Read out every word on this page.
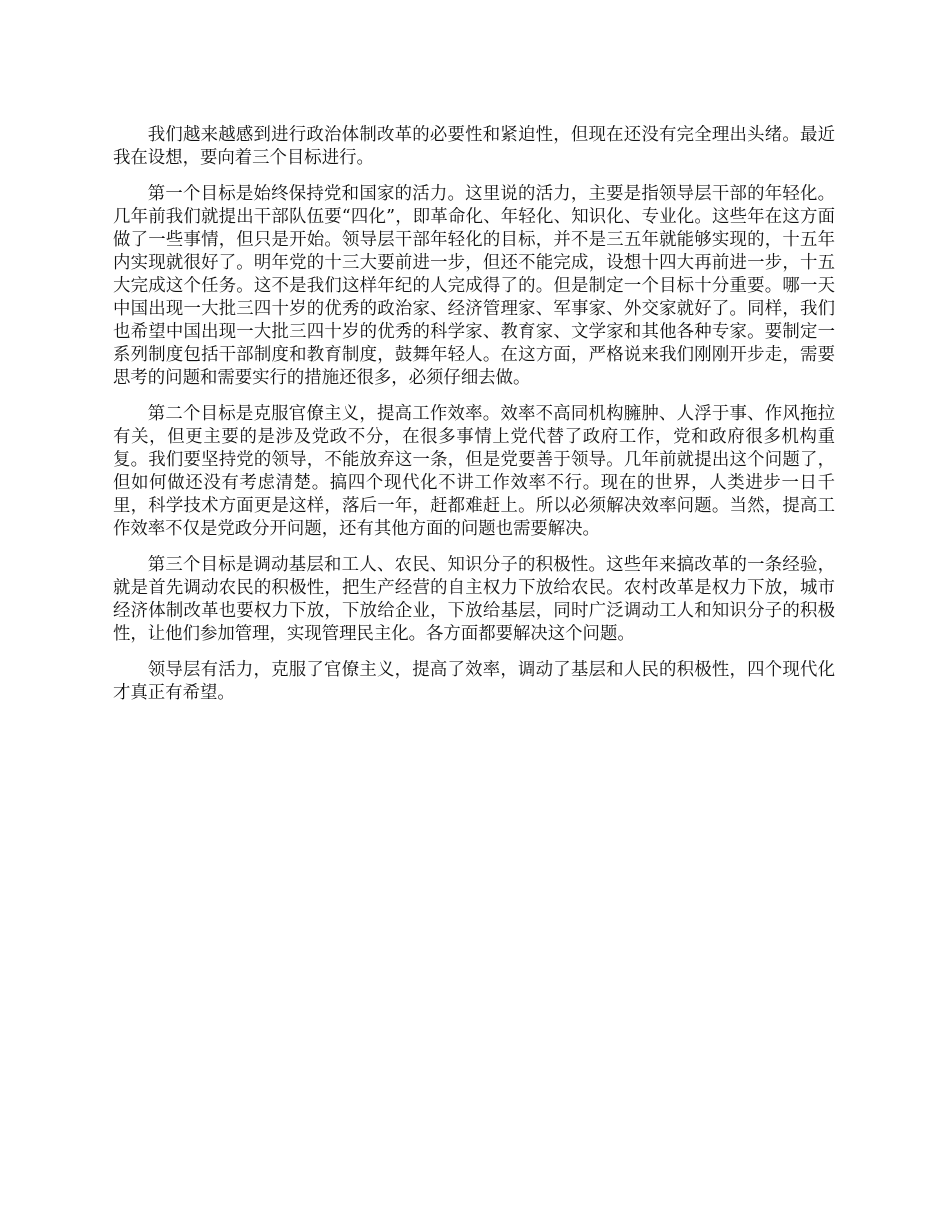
我们越来越感到进行政治体制改革的必要性和紧迫性，但现在还没有完全理出头绪。最近我在设想，要向着三个目标进行。

第一个目标是始终保持党和国家的活力。这里说的活力，主要是指领导层干部的年轻化。几年前我们就提出干部队伍要“四化”，即革命化、年轻化、知识化、专业化。这些年在这方面做了一些事情，但只是开始。领导层干部年轻化的目标，并不是三五年就能够实现的，十五年内实现就很好了。明年党的十三大要前进一步，但还不能完成，设想十四大再前进一步，十五大完成这个任务。这不是我们这样年纪的人完成得了的。但是制定一个目标十分重要。哪一天中国出现一大批三四十岁的优秀的政治家、经济管理家、军事家、外交家就好了。同样，我们也希望中国出现一大批三四十岁的优秀的科学家、教育家、文学家和其他各种专家。要制定一系列制度包括干部制度和教育制度，鼓舞年轻人。在这方面，严格说来我们刚刚开步走，需要思考的问题和需要实行的措施还很多，必须仔细去做。

第二个目标是克服官僚主义，提高工作效率。效率不高同机构臃肿、人浮于事、作风拖拉有关，但更主要的是涉及党政不分，在很多事情上党代替了政府工作，党和政府很多机构重复。我们要坚持党的领导，不能放弃这一条，但是党要善于领导。几年前就提出这个问题了，但如何做还没有考虑清楚。搞四个现代化不讲工作效率不行。现在的世界，人类进步一日千里，科学技术方面更是这样，落后一年，赶都难赶上。所以必须解决效率问题。当然，提高工作效率不仅是党政分开问题，还有其他方面的问题也需要解决。

第三个目标是调动基层和工人、农民、知识分子的积极性。这些年来搞改革的一条经验，就是首先调动农民的积极性，把生产经营的自主权力下放给农民。农村改革是权力下放，城市经济体制改革也要权力下放，下放给企业，下放给基层，同时广泛调动工人和知识分子的积极性，让他们参加管理，实现管理民主化。各方面都要解决这个问题。

领导层有活力，克服了官僚主义，提高了效率，调动了基层和人民的积极性，四个现代化才真正有希望。
